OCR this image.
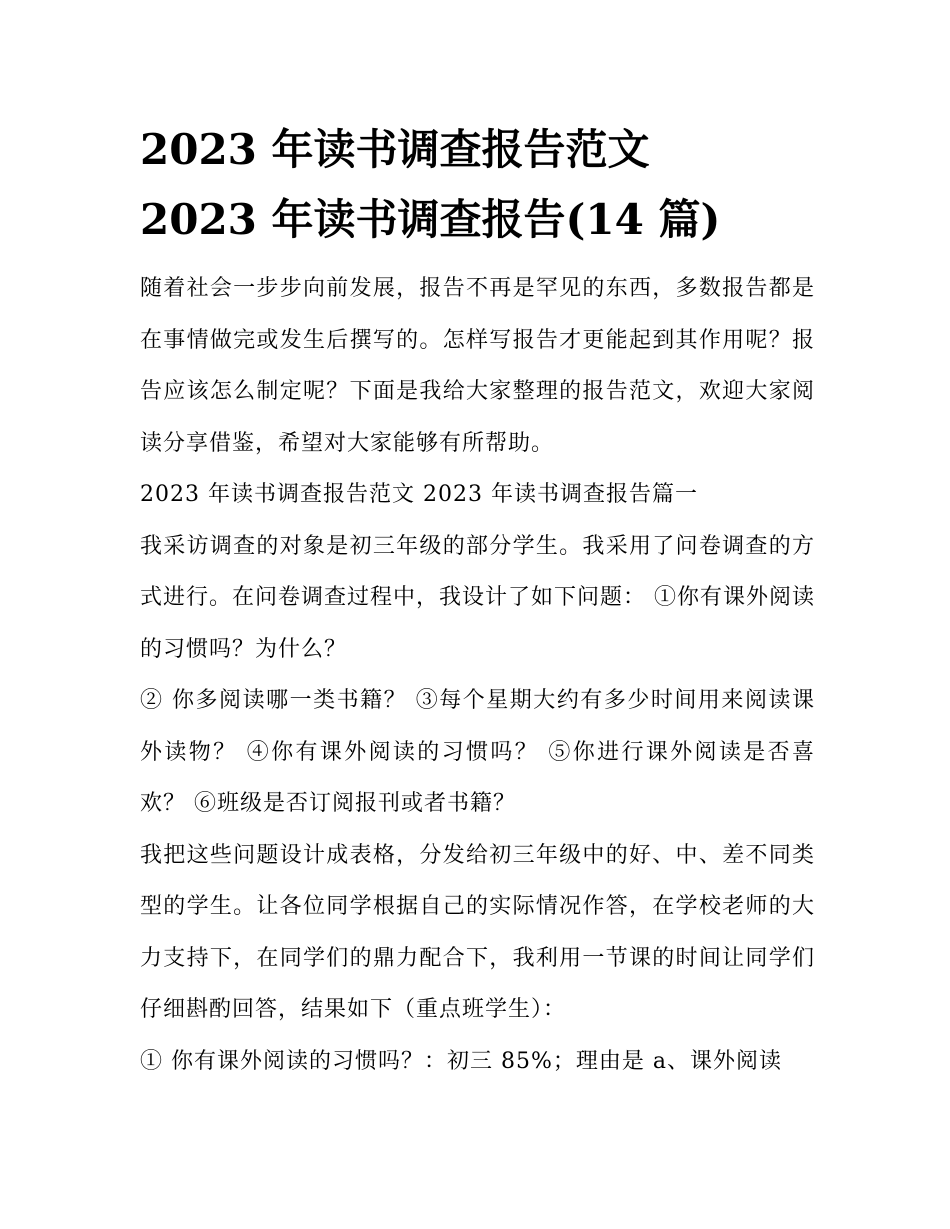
2023 年读书调查报告范文
2023 年读书调查报告(14 篇)

随着社会一步步向前发展，报告不再是罕见的东西，多数报告都是在事情做完或发生后撰写的。怎样写报告才更能起到其作用呢？报告应该怎么制定呢？下面是我给大家整理的报告范文，欢迎大家阅读分享借鉴，希望对大家能够有所帮助。

2023 年读书调查报告范文 2023 年读书调查报告篇一

我采访调查的对象是初三年级的部分学生。我采用了问卷调查的方式进行。在问卷调查过程中，我设计了如下问题： ①你有课外阅读的习惯吗？为什么？

② 你多阅读哪一类书籍？ ③每个星期大约有多少时间用来阅读课外读物？ ④你有课外阅读的习惯吗？ ⑤你进行课外阅读是否喜欢？ ⑥班级是否订阅报刊或者书籍？

我把这些问题设计成表格，分发给初三年级中的好、中、差不同类型的学生。让各位同学根据自己的实际情况作答，在学校老师的大力支持下，在同学们的鼎力配合下，我利用一节课的时间让同学们仔细斟酌回答，结果如下（重点班学生）：

① 你有课外阅读的习惯吗？：初三 85%；理由是 a、课外阅读
